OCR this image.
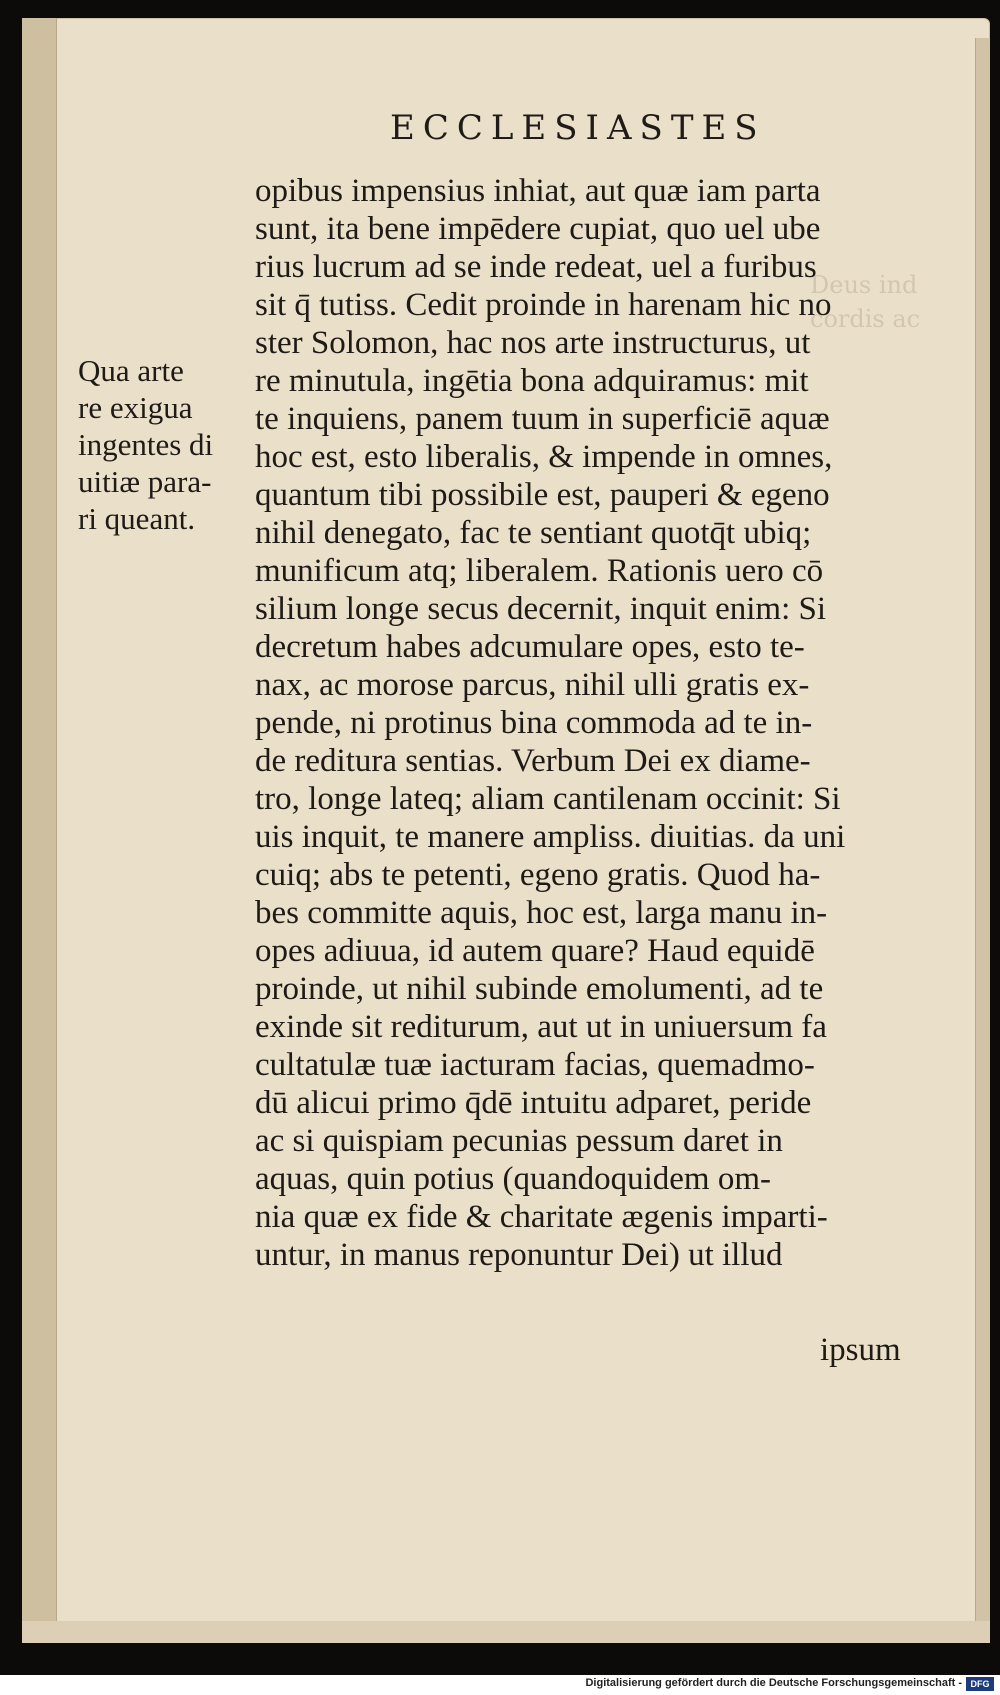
Deus ind
cordis ac
ECCLESIASTES
Qua arte
re exigua
ingentes di
uitiæ para-
ri queant.
opibus impensius inhiat, aut quæ iam parta
sunt, ita bene impēdere cupiat, quo uel ube
rius lucrum ad se inde redeat, uel a furibus
sit q̄ tutiss. Cedit proinde in harenam hic no
ster Solomon, hac nos arte instructurus, ut
re minutula, ingētia bona adquiramus: mit
te inquiens, panem tuum in superficiē aquæ
hoc est, esto liberalis, & impende in omnes,
quantum tibi possibile est, pauperi & egeno
nihil denegato, fac te sentiant quotq̄t ubiq;
munificum atq; liberalem. Rationis uero cō
silium longe secus decernit, inquit enim: Si
decretum habes adcumulare opes, esto te-
nax, ac morose parcus, nihil ulli gratis ex-
pende, ni protinus bina commoda ad te in-
de reditura sentias. Verbum Dei ex diame-
tro, longe lateq; aliam cantilenam occinit: Si
uis inquit, te manere ampliss. diuitias. da uni
cuiq; abs te petenti, egeno gratis. Quod ha-
bes committe aquis, hoc est, larga manu in-
opes adiuua, id autem quare? Haud equidē
proinde, ut nihil subinde emolumenti, ad te
exinde sit rediturum, aut ut in uniuersum fa
cultatulæ tuæ iacturam facias, quemadmo-
dū alicui primo q̄dē intuitu adparet, peride
ac si quispiam pecunias pessum daret in
aquas, quin potius (quandoquidem om-
nia quæ ex fide & charitate ægenis imparti-
untur, in manus reponuntur Dei) ut illud
ipsum
Digitalisierung gefördert durch die Deutsche Forschungsgemeinschaft - DFG
